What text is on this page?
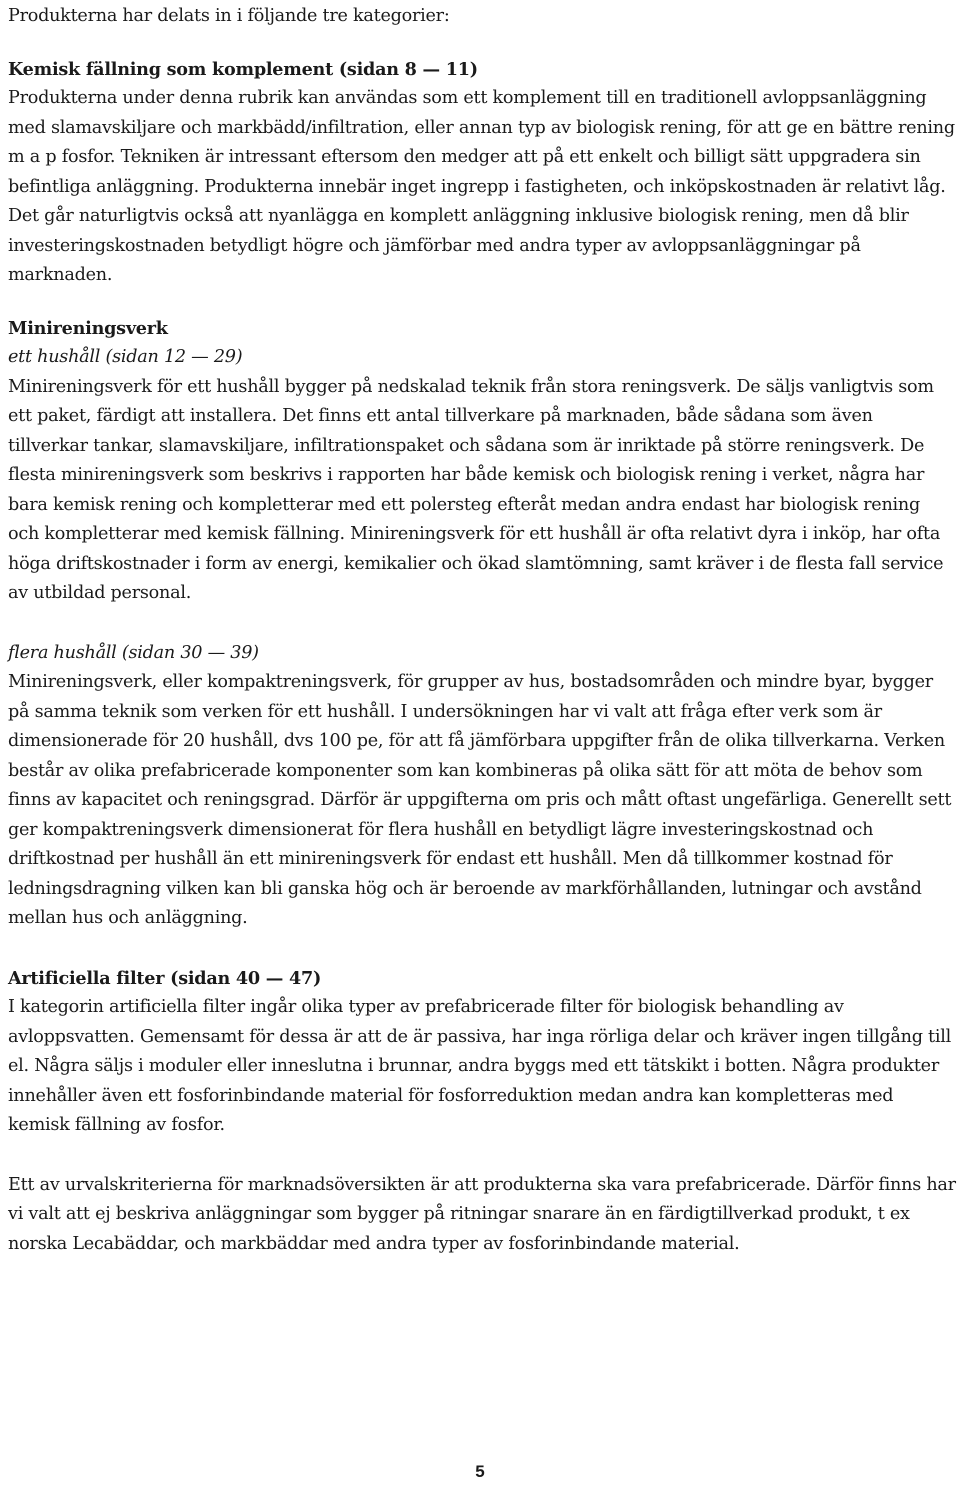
Produkterna har delats in i följande tre kategorier:

Kemisk fällning som komplement (sidan 8 — 11)

Produkterna under denna rubrik kan användas som ett komplement till en traditionell avloppsanläggning med slamavskiljare och markbädd/infiltration, eller annan typ av biologisk rening, för att ge en bättre rening m a p fosfor. Tekniken är intressant eftersom den medger att på ett enkelt och billigt sätt uppgradera sin befintliga anläggning. Produkterna innebär inget ingrepp i fastigheten, och inköpskostnaden är relativt låg. Det går naturligtvis också att nyanlägga en komplett anläggning inklusive biologisk rening, men då blir investeringskostnaden betydligt högre och jämförbar med andra typer av avloppsanläggningar på marknaden.

Minireningsverk
ett hushåll (sidan 12 — 29)

Minireningsverk för ett hushåll bygger på nedskalad teknik från stora reningsverk. De säljs vanligtvis som ett paket, färdigt att installera. Det finns ett antal tillverkare på marknaden, både sådana som även tillverkar tankar, slamavskiljare, infiltrationspaket och sådana som är inriktade på större reningsverk. De flesta minireningsverk som beskrivs i rapporten har både kemisk och biologisk rening i verket, några har bara kemisk rening och kompletterar med ett polersteg efteråt medan andra endast har biologisk rening och kompletterar med kemisk fällning. Minireningsverk för ett hushåll är ofta relativt dyra i inköp, har ofta höga driftskostnader i form av energi, kemikalier och ökad slamtömning, samt kräver i de flesta fall service av utbildad personal.

flera hushåll (sidan 30 — 39)

Minireningsverk, eller kompaktreningsverk, för grupper av hus, bostadsområden och mindre byar, bygger på samma teknik som verken för ett hushåll. I undersökningen har vi valt att fråga efter verk som är dimensionerade för 20 hushåll, dvs 100 pe, för att få jämförbara uppgifter från de olika tillverkarna. Verken består av olika prefabricerade komponenter som kan kombineras på olika sätt för att möta de behov som finns av kapacitet och reningsgrad. Därför är uppgifterna om pris och mått oftast ungefärliga. Generellt sett ger kompaktreningsverk dimensionerat för flera hushåll en betydligt lägre investeringskostnad och driftkostnad per hushåll än ett minireningsverk för endast ett hushåll. Men då tillkommer kostnad för ledningsdragning vilken kan bli ganska hög och är beroende av markförhållanden, lutningar och avstånd mellan hus och anläggning.

Artificiella filter (sidan 40 — 47)

I kategorin artificiella filter ingår olika typer av prefabricerade filter för biologisk behandling av avloppsvatten. Gemensamt för dessa är att de är passiva, har inga rörliga delar och kräver ingen tillgång till el. Några säljs i moduler eller inneslutna i brunnar, andra byggs med ett tätskikt i botten. Några produkter innehåller även ett fosforinbindande material för fosforreduktion medan andra kan kompletteras med kemisk fällning av fosfor.

Ett av urvalskriterierna för marknadsöversikten är att produkterna ska vara prefabricerade. Därför finns har vi valt att ej beskriva anläggningar som bygger på ritningar snarare än en färdigtillverkad produkt, t ex norska Lecabäddar, och markbäddar med andra typer av fosforinbindande material.

5
